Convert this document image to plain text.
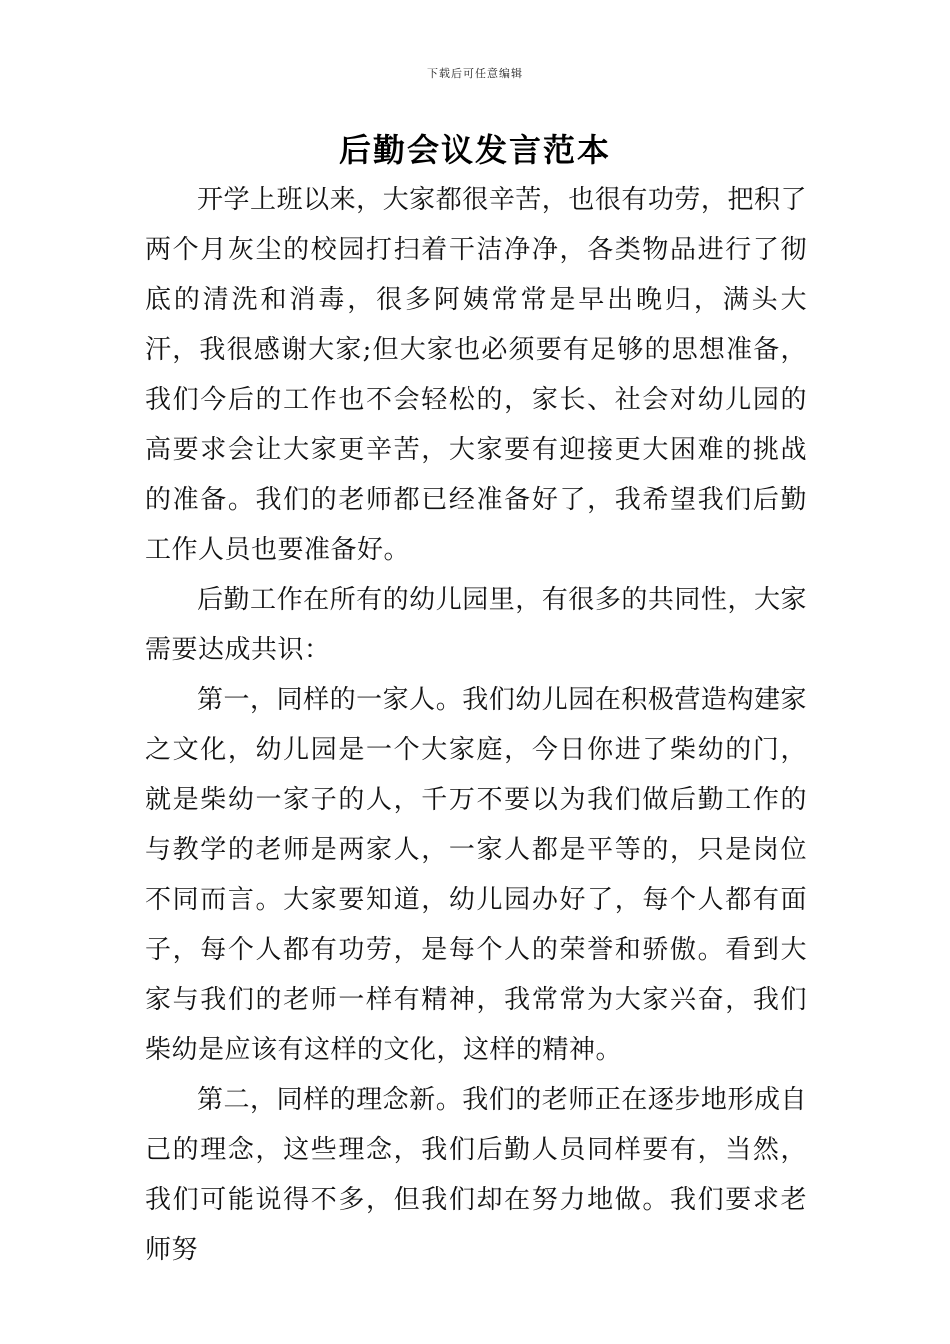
下载后可任意编辑
后勤会议发言范本

开学上班以来，大家都很辛苦，也很有功劳，把积了两个月灰尘的校园打扫着干洁净净，各类物品进行了彻底的清洗和消毒，很多阿姨常常是早出晚归，满头大汗，我很感谢大家;但大家也必须要有足够的思想准备，我们今后的工作也不会轻松的，家长、社会对幼儿园的高要求会让大家更辛苦，大家要有迎接更大困难的挑战的准备。我们的老师都已经准备好了，我希望我们后勤工作人员也要准备好。

后勤工作在所有的幼儿园里，有很多的共同性，大家需要达成共识：

第一，同样的一家人。我们幼儿园在积极营造构建家之文化，幼儿园是一个大家庭，今日你进了柴幼的门，就是柴幼一家子的人，千万不要以为我们做后勤工作的与教学的老师是两家人，一家人都是平等的，只是岗位不同而言。大家要知道，幼儿园办好了，每个人都有面子，每个人都有功劳，是每个人的荣誉和骄傲。看到大家与我们的老师一样有精神，我常常为大家兴奋，我们柴幼是应该有这样的文化，这样的精神。

第二，同样的理念新。我们的老师正在逐步地形成自己的理念，这些理念，我们后勤人员同样要有，当然，我们可能说得不多，但我们却在努力地做。我们要求老师努
